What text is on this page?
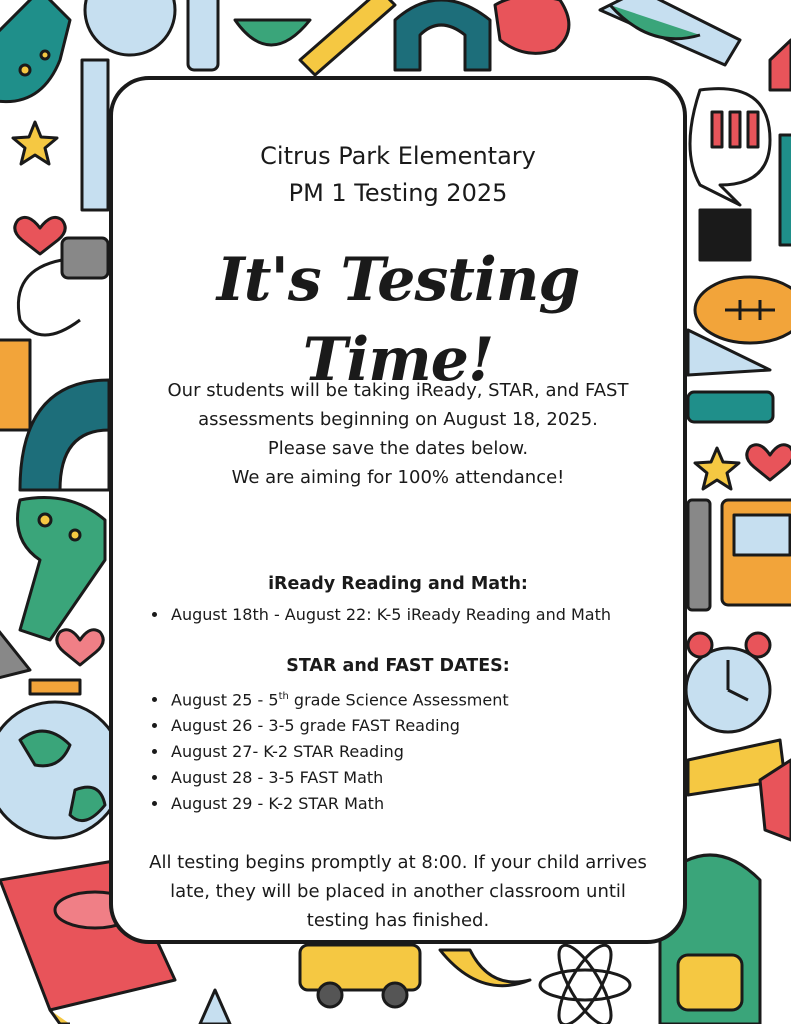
Citrus Park Elementary
PM 1 Testing 2025
It's Testing Time!
Our students will be taking iReady, STAR, and FAST
assessments beginning on August 18, 2025.
Please save the dates below.
We are aiming for 100% attendance!
iReady Reading and Math:
• August 18th - August 22: K-5 iReady Reading and Math
STAR and FAST DATES:
• August 25 - 5th grade Science Assessment
• August 26 - 3-5 grade FAST Reading
• August 27- K-2 STAR Reading
• August 28 - 3-5 FAST Math
• August 29 - K-2 STAR Math
All testing begins promptly at 8:00. If your child arrives
late, they will be placed in another classroom until
testing has finished.
